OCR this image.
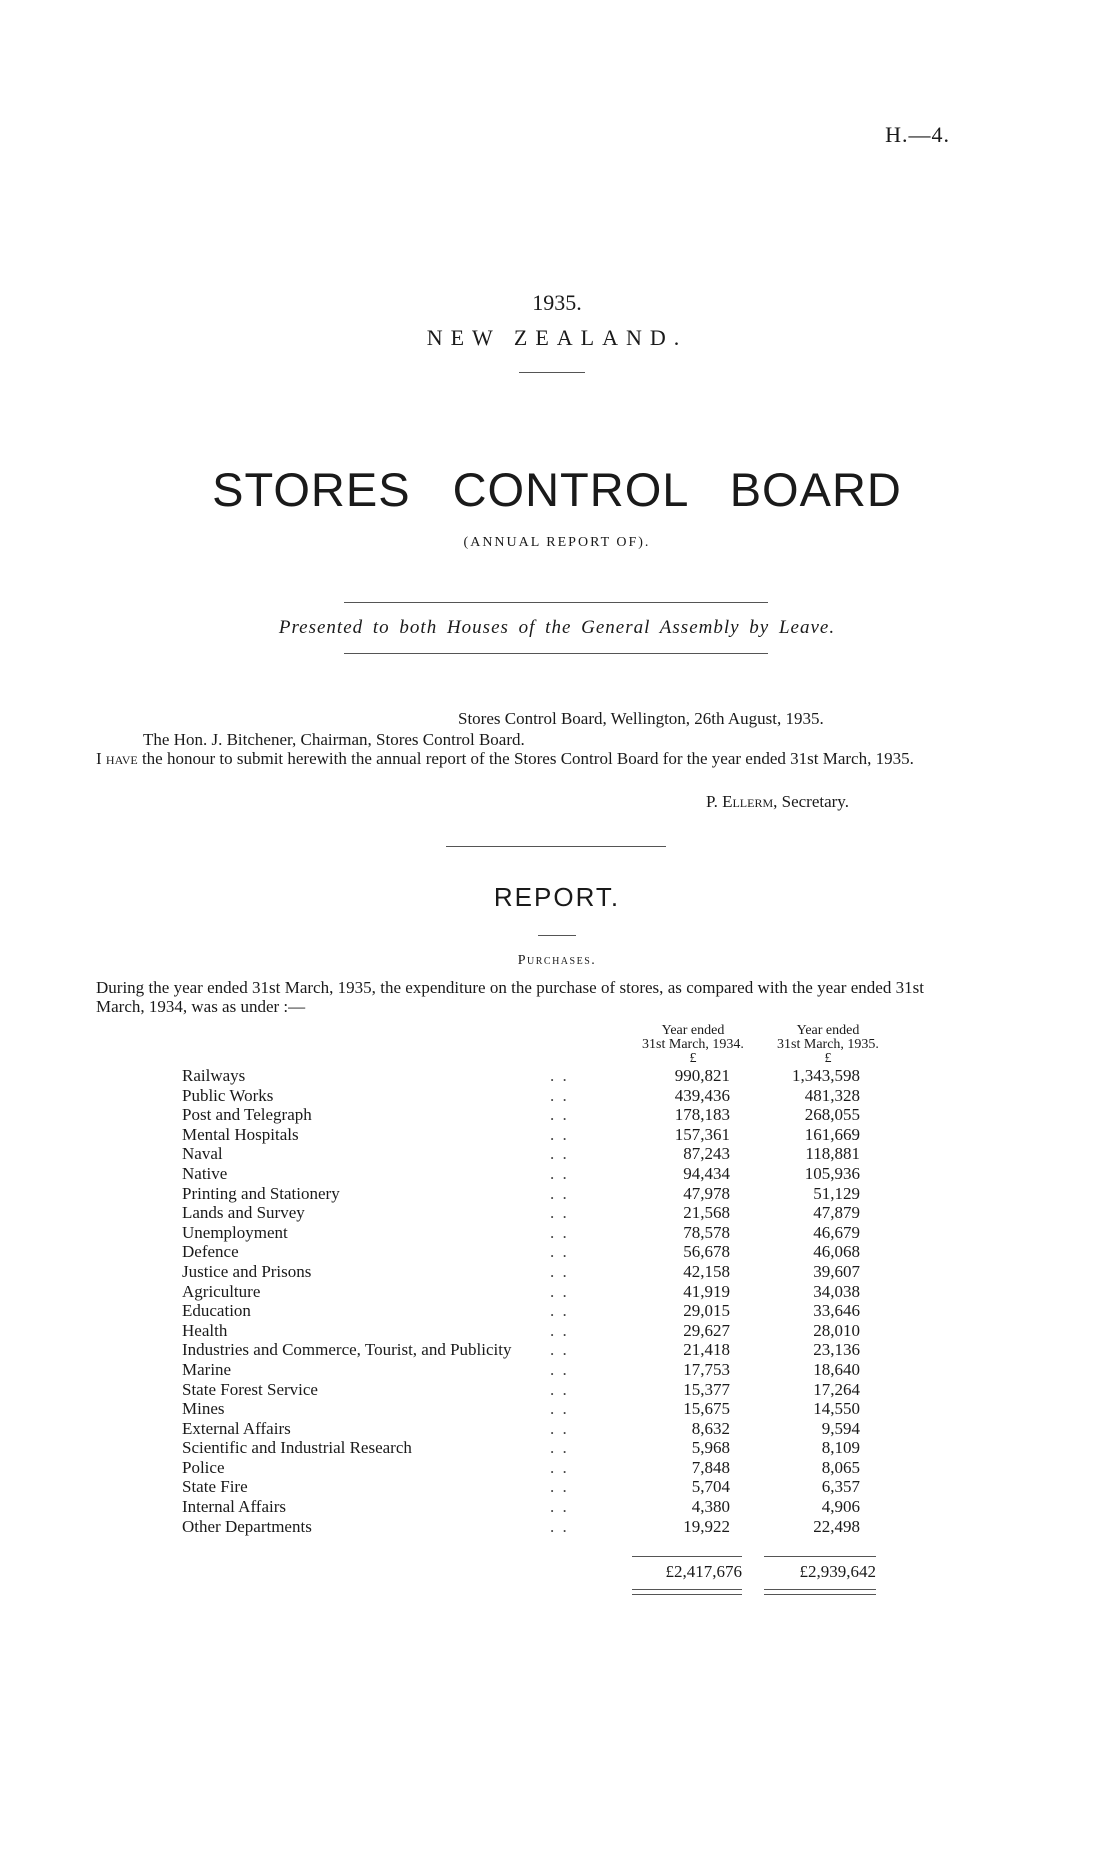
H.—4.
1935.
NEW ZEALAND.
STORES CONTROL BOARD
(ANNUAL REPORT OF).
Presented to both Houses of the General Assembly by Leave.
Stores Control Board, Wellington, 26th August, 1935.
The Hon. J. Bitchener, Chairman, Stores Control Board.
I have the honour to submit herewith the annual report of the Stores Control Board for the year ended 31st March, 1935.
P. Ellerm, Secretary.
REPORT.
Purchases.
During the year ended 31st March, 1935, the expenditure on the purchase of stores, as compared with the year ended 31st March, 1934, was as under :—
Year ended
31st March, 1934.
£
Year ended
31st March, 1935.
£
Railways	. .	990,821		1,343,598
Public Works	. .	439,436		481,328
Post and Telegraph	. .	178,183		268,055
Mental Hospitals	. .	157,361		161,669
Naval	. .	87,243		118,881
Native	. .	94,434		105,936
Printing and Stationery	. .	47,978		51,129
Lands and Survey	. .	21,568		47,879
Unemployment	. .	78,578		46,679
Defence	. .	56,678		46,068
Justice and Prisons	. .	42,158		39,607
Agriculture	. .	41,919		34,038
Education	. .	29,015		33,646
Health	. .	29,627		28,010
Industries and Commerce, Tourist, and Publicity	. .	21,418		23,136
Marine	. .	17,753		18,640
State Forest Service	. .	15,377		17,264
Mines	. .	15,675		14,550
External Affairs	. .	8,632		9,594
Scientific and Industrial Research	. .	5,968		8,109
Police	. .	7,848		8,065
State Fire	. .	5,704		6,357
Internal Affairs	. .	4,380		4,906
Other Departments	. .	19,922		22,498
£2,417,676	£2,939,642
